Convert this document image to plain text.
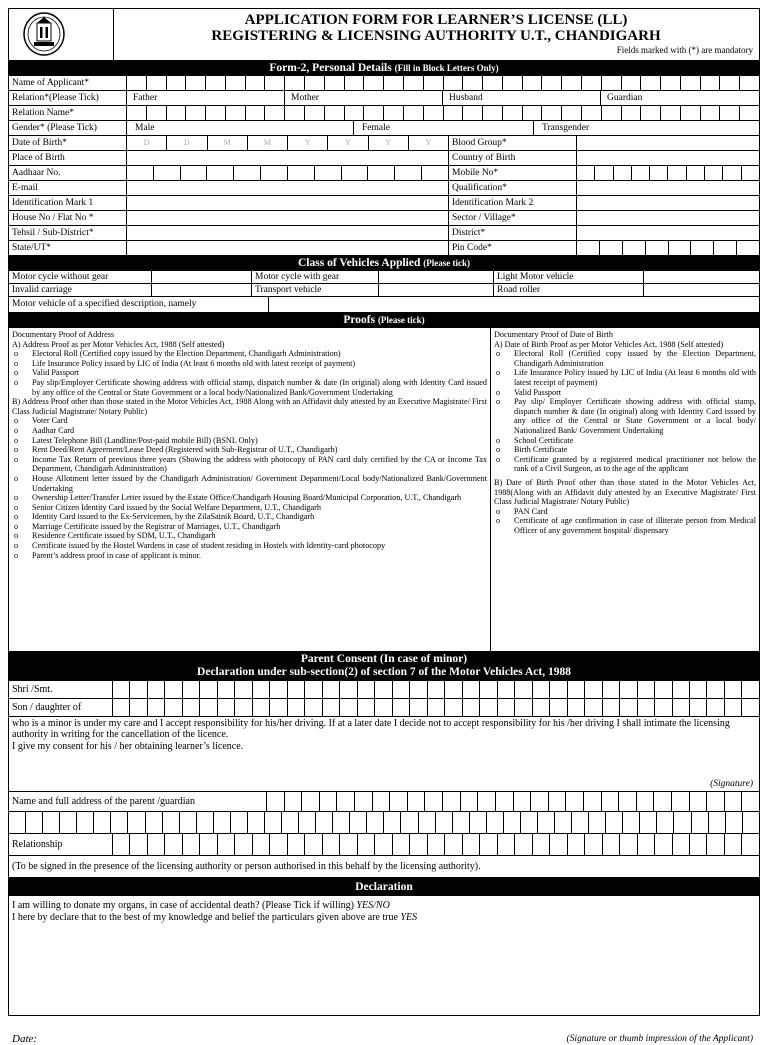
APPLICATION FORM FOR LEARNER’S LICENSE (LL)
REGISTERING & LICENSING AUTHORITY U.T., CHANDIGARH
Fields marked with (*) are mandatory
Form-2, Personal Details (Fill in Block Letters Only)
Name of Applicant*
Relation*(Please Tick)	Father	Mother	Husband	Guardian
Relation Name*
Gender* (Please Tick)	Male	Female	Transgender
Date of Birth*	D	D	M	M	Y	Y	Y	Y	Blood Group*
Place of Birth	Country of Birth
Aadhaar No.	Mobile No*
E-mail	Qualification*
Identification Mark 1	Identification Mark 2
House No / Flat No *	Sector / Village*
Tehsil / Sub-District*	District*
State/UT*	Pin Code*
Class of Vehicles Applied (Please tick)
Motor cycle without gear	Motor cycle with gear	Light Motor vehicle
Invalid carriage	Transport vehicle	Road roller
Motor vehicle of a specified description, namely
Proofs (Please tick)
Documentary Proof of Address
A) Address Proof as per Motor Vehicles Act, 1988 (Self attested)
o Electoral Roll (Certified copy issued by the Election Department, Chandigarh Administration)
o Life Insurance Policy issued by LIC of India (At least 6 months old with latest receipt of payment)
o Valid Passport
o Pay slip/Employer Certificate showing address with official stamp, dispatch number & date (In original) along with Identity Card issued by any office of the Central or State Government or a local body/Nationalized Bank/Government Undertaking
B) Address Proof other than those stated in the Motor Vehicles Act, 1988 Along with an Affidavit duly attested by an Executive Magistrate/ First Class Judicial Magistrate/ Notary Public)
o Voter Card
o Aadhar Card
o Latest Telephone Bill (Landline/Post-paid mobile Bill) (BSNL Only)
o Rent Deed/Rent Agreement/Lease Deed (Registered with Sub-Registrar of U.T., Chandigarh)
o Income Tax Return of previous three years (Showing the address with photocopy of PAN card duly certified by the CA or Income Tax Department, Chandigarh Administration)
o House Allotment letter issued by the Chandigarh Administration/ Government Department/Local body/Nationalized Bank/Government Undertaking
o Ownership Letter/Transfer Letter issued by the Estate Office/Chandigarh Housing Board/Municipal Corporation, U.T., Chandigarh
o Senior Citizen Identity Card issued by the Social Welfare Department, U.T., Chandigarh
o Identity Card issued to the Ex-Servicemen, by the ZilaSainik Board, U.T., Chandigarh
o Marriage Certificate issued by the Registrar of Marriages, U.T., Chandigarh
o Residence Certificate issued by SDM, U.T., Chandigarh
o Certificate issued by the Hostel Wardens in case of student residing in Hostels with Identity-card photocopy
o Parent’s address proof in case of applicant is minor.
Documentary Proof of Date of Birth
A) Date of Birth Proof as per Motor Vehicles Act, 1988 (Self attested)
o Electoral Roll (Certified copy issued by the Election Department, Chandigarh Administration
o Life Insurance Policy issued by LIC of India (At least 6 months old with latest receipt of payment)
o Valid Passport
o Pay slip/ Employer Certificate showing address with official stamp, dispatch number & date (In original) along with Identity Card issued by any office of the Central or State Government or a local body/ Nationalized Bank/ Government Undertaking
o School Certificate
o Birth Certificate
o Certificate granted by a registered medical practitioner not below the rank of a Civil Surgeon, as to the age of the applicant
B) Date of Birth Proof other than those stated in the Motor Vehicles Act, 1988(Along with an Affidavit duly attested by an Executive Magistrate/ First Class Judicial Magistrate/ Notary Public)
o PAN Card
o Certificate of age confirmation in case of illiterate person from Medical Officer of any government hospital/ dispensary
Parent Consent (In case of minor)
Declaration under sub-section(2) of section 7 of the Motor Vehicles Act, 1988
Shri /Smt.
Son / daughter of
who is a minor is under my care and I accept responsibility for his/her driving. If at a later date I decide not to accept responsibility for his /her driving I shall intimate the licensing authority in writing for the cancellation of the licence.
I give my consent for his / her obtaining learner’s licence.
(Signature)
Name and full address of the parent /guardian
Relationship
(To be signed in the presence of the licensing authority or person authorised in this behalf by the licensing authority).
Declaration
I am willing to donate my organs, in case of accidental death? (Please Tick if willing) YES/NO
I here by declare that to the best of my knowledge and belief the particulars given above are true YES
Date:	(Signature or thumb impression of the Applicant)
